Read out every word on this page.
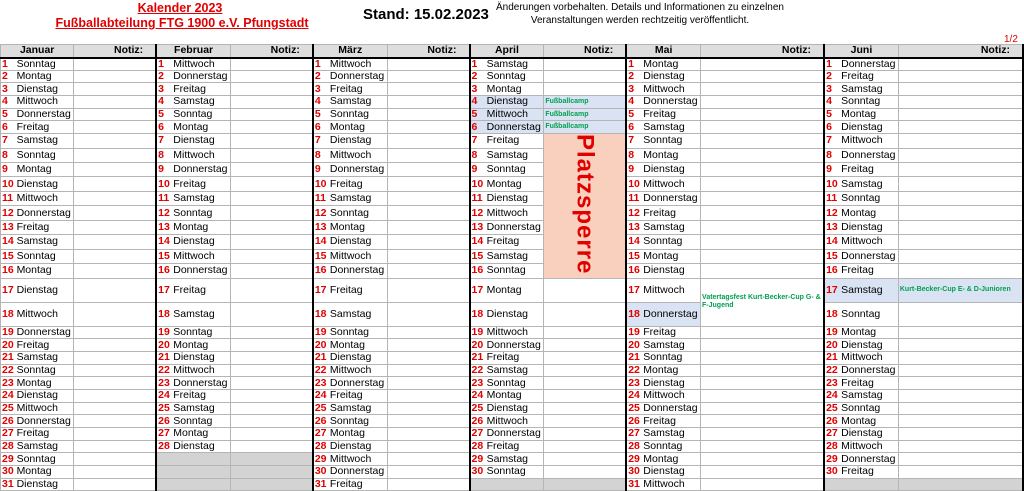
Kalender 2023
Fußballabteilung FTG 1900 e.V. Pfungstadt	Stand: 15.02.2023 Änderungen vorbehalten. Details und Informationen zu einzelnen
Veranstaltungen werden rechtzeitig veröffentlicht.
1/2
Januar		Notiz:	Februar		Notiz:	März		Notiz:	April		Notiz:	Mai		Notiz:	Juni		Notiz:
1	Sonntag		1	Mittwoch		1	Mittwoch		1	Samstag		1	Montag		1	Donnerstag	
2	Montag		2	Donnerstag		2	Donnerstag		2	Sonntag		2	Dienstag		2	Freitag	
3	Dienstag		3	Freitag		3	Freitag		3	Montag		3	Mittwoch		3	Samstag	
4	Mittwoch		4	Samstag		4	Samstag		4	Dienstag	Fußballcamp	4	Donnerstag		4	Sonntag	
5	Donnerstag		5	Sonntag		5	Sonntag		5	Mittwoch	Fußballcamp	5	Freitag		5	Montag	
6	Freitag		6	Montag		6	Montag		6	Donnerstag	Fußballcamp	6	Samstag		6	Dienstag	
7	Samstag		7	Dienstag		7	Dienstag		7	Freitag	Platzsperre	7	Sonntag		7	Mittwoch	
8	Sonntag		8	Mittwoch		8	Mittwoch		8	Samstag		8	Montag		8	Donnerstag	
9	Montag		9	Donnerstag		9	Donnerstag		9	Sonntag		9	Dienstag		9	Freitag	
10	Dienstag		10	Freitag		10	Freitag		10	Montag		10	Mittwoch		10	Samstag	
11	Mittwoch		11	Samstag		11	Samstag		11	Dienstag		11	Donnerstag		11	Sonntag	
12	Donnerstag		12	Sonntag		12	Sonntag		12	Mittwoch		12	Freitag		12	Montag	
13	Freitag		13	Montag		13	Montag		13	Donnerstag		13	Samstag		13	Dienstag	
14	Samstag		14	Dienstag		14	Dienstag		14	Freitag		14	Sonntag		14	Mittwoch	
15	Sonntag		15	Mittwoch		15	Mittwoch		15	Samstag		15	Montag		15	Donnerstag	
16	Montag		16	Donnerstag		16	Donnerstag		16	Sonntag		16	Dienstag		16	Freitag	
17	Dienstag		17	Freitag		17	Freitag		17	Montag		17	Mittwoch	Vatertagsfest Kurt-Becker-Cup G- & F-Jugend	17	Samstag	Kurt-Becker-Cup E- & D-Junioren
18	Mittwoch		18	Samstag		18	Samstag		18	Dienstag		18	Donnerstag		18	Sonntag	
19	Donnerstag		19	Sonntag		19	Sonntag		19	Mittwoch		19	Freitag		19	Montag	
20	Freitag		20	Montag		20	Montag		20	Donnerstag		20	Samstag		20	Dienstag	
21	Samstag		21	Dienstag		21	Dienstag		21	Freitag		21	Sonntag		21	Mittwoch	
22	Sonntag		22	Mittwoch		22	Mittwoch		22	Samstag		22	Montag		22	Donnerstag	
23	Montag		23	Donnerstag		23	Donnerstag		23	Sonntag		23	Dienstag		23	Freitag	
24	Dienstag		24	Freitag		24	Freitag		24	Montag		24	Mittwoch		24	Samstag	
25	Mittwoch		25	Samstag		25	Samstag		25	Dienstag		25	Donnerstag		25	Sonntag	
26	Donnerstag		26	Sonntag		26	Sonntag		26	Mittwoch		26	Freitag		26	Montag	
27	Freitag		27	Montag		27	Montag		27	Donnerstag		27	Samstag		27	Dienstag	
28	Samstag		28	Dienstag		28	Dienstag		28	Freitag		28	Sonntag		28	Mittwoch	
29	Sonntag					29	Mittwoch		29	Samstag		29	Montag		29	Donnerstag	
30	Montag					30	Donnerstag		30	Sonntag		30	Dienstag		30	Freitag	
31	Dienstag					31	Freitag					31	Mittwoch				
